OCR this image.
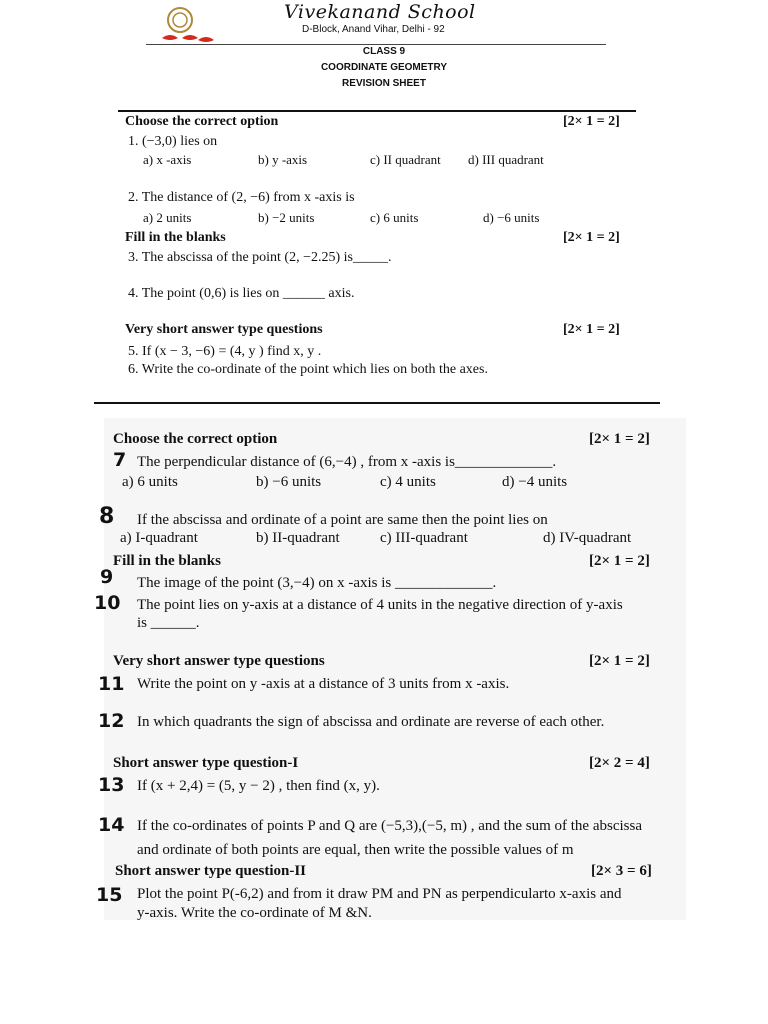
Vivekanand School
D-Block, Anand Vihar, Delhi - 92
CLASS 9
COORDINATE GEOMETRY
REVISION SHEET
Choose the correct option	[2× 1 = 2]
1. (−3,0) lies on
a) x -axis	b) y -axis	c) II quadrant d) III quadrant
2. The distance of (2, −6) from x -axis is
a) 2 units	b) −2 units	c) 6 units	d) −6 units
Fill in the blanks	[2× 1 = 2]
3. The abscissa of the point (2, −2.25) is_____.
4. The point (0,6) is lies on ______ axis.
Very short answer type questions	[2× 1 = 2]
5. If (x − 3, −6) = (4, y ) find x, y .
6. Write the co-ordinate of the point which lies on both the axes.
Choose the correct option	[2× 1 = 2]
7 The perpendicular distance of (6,−4) , from x -axis is_____________.
a) 6 units	b) −6 units	c) 4 units	d) −4 units
8 If the abscissa and ordinate of a point are same then the point lies on
a) I-quadrant	b) II-quadrant	c) III-quadrant	d) IV-quadrant
Fill in the blanks	[2× 1 = 2]
9 The image of the point (3,−4) on x -axis is _____________.
10 The point lies on y-axis at a distance of 4 units in the negative direction of y-axis
is ______.
Very short answer type questions	[2× 1 = 2]
11 Write the point on y -axis at a distance of 3 units from x -axis.
12 In which quadrants the sign of abscissa and ordinate are reverse of each other.
Short answer type question-I	[2× 2 = 4]
13 If (x + 2,4) = (5, y − 2) , then find (x, y).
14 If the co-ordinates of points P and Q are (−5,3),(−5, m) , and the sum of the abscissa
and ordinate of both points are equal, then write the possible values of m
Short answer type question-II	[2× 3 = 6]
15 Plot the point P(-6,2) and from it draw PM and PN as perpendicularto x-axis and
y-axis. Write the co-ordinate of M &N.
